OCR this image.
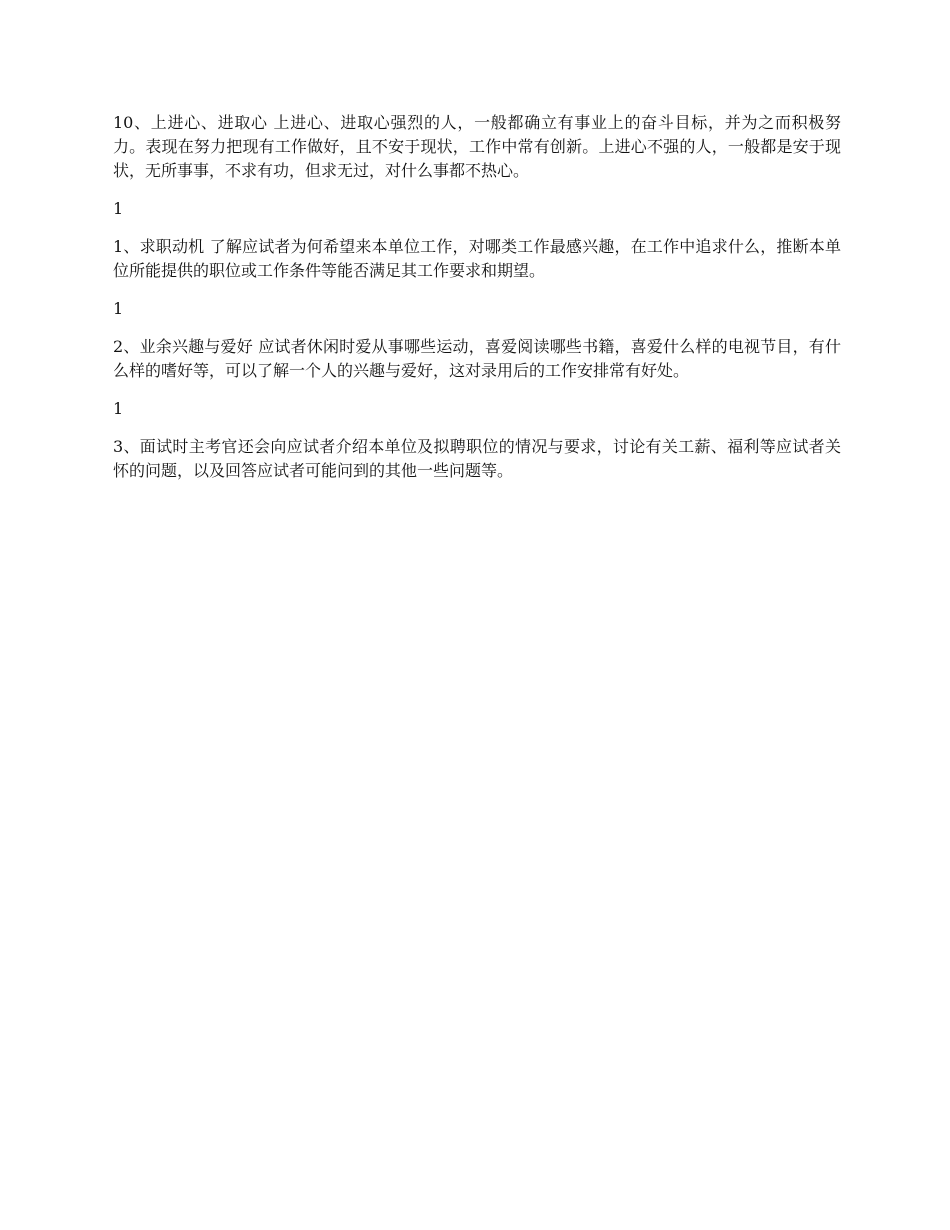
10、上进心、进取心 上进心、进取心强烈的人，一般都确立有事业上的奋斗目标，并为之而积极努力。表现在努力把现有工作做好，且不安于现状，工作中常有创新。上进心不强的人，一般都是安于现状，无所事事，不求有功，但求无过，对什么事都不热心。

1

1、求职动机 了解应试者为何希望来本单位工作，对哪类工作最感兴趣，在工作中追求什么，推断本单位所能提供的职位或工作条件等能否满足其工作要求和期望。

1

2、业余兴趣与爱好 应试者休闲时爱从事哪些运动，喜爱阅读哪些书籍，喜爱什么样的电视节目，有什么样的嗜好等，可以了解一个人的兴趣与爱好，这对录用后的工作安排常有好处。

1

3、面试时主考官还会向应试者介绍本单位及拟聘职位的情况与要求，讨论有关工薪、福利等应试者关怀的问题，以及回答应试者可能问到的其他一些问题等。
